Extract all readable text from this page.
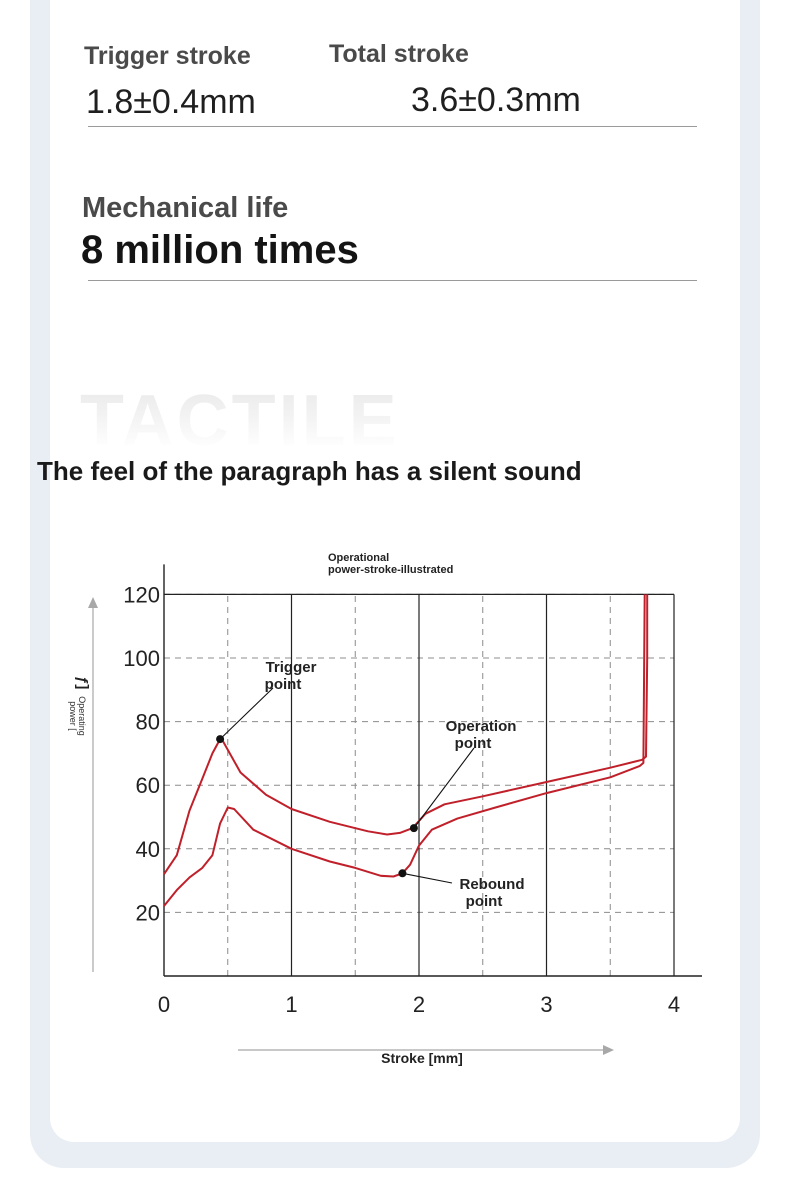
Trigger stroke	Total stroke
1.8±0.4mm	3.6±0.3mm
Mechanical life
8 million times
TACTILE
The feel of the paragraph has a silent sound
Operational
power-stroke-illustrated
0	1	2	3	4
20
40
60
80
100
120
Trigger
point
Operation
point
Rebound
point
Operating
power [
ƒ]
Stroke [mm]
